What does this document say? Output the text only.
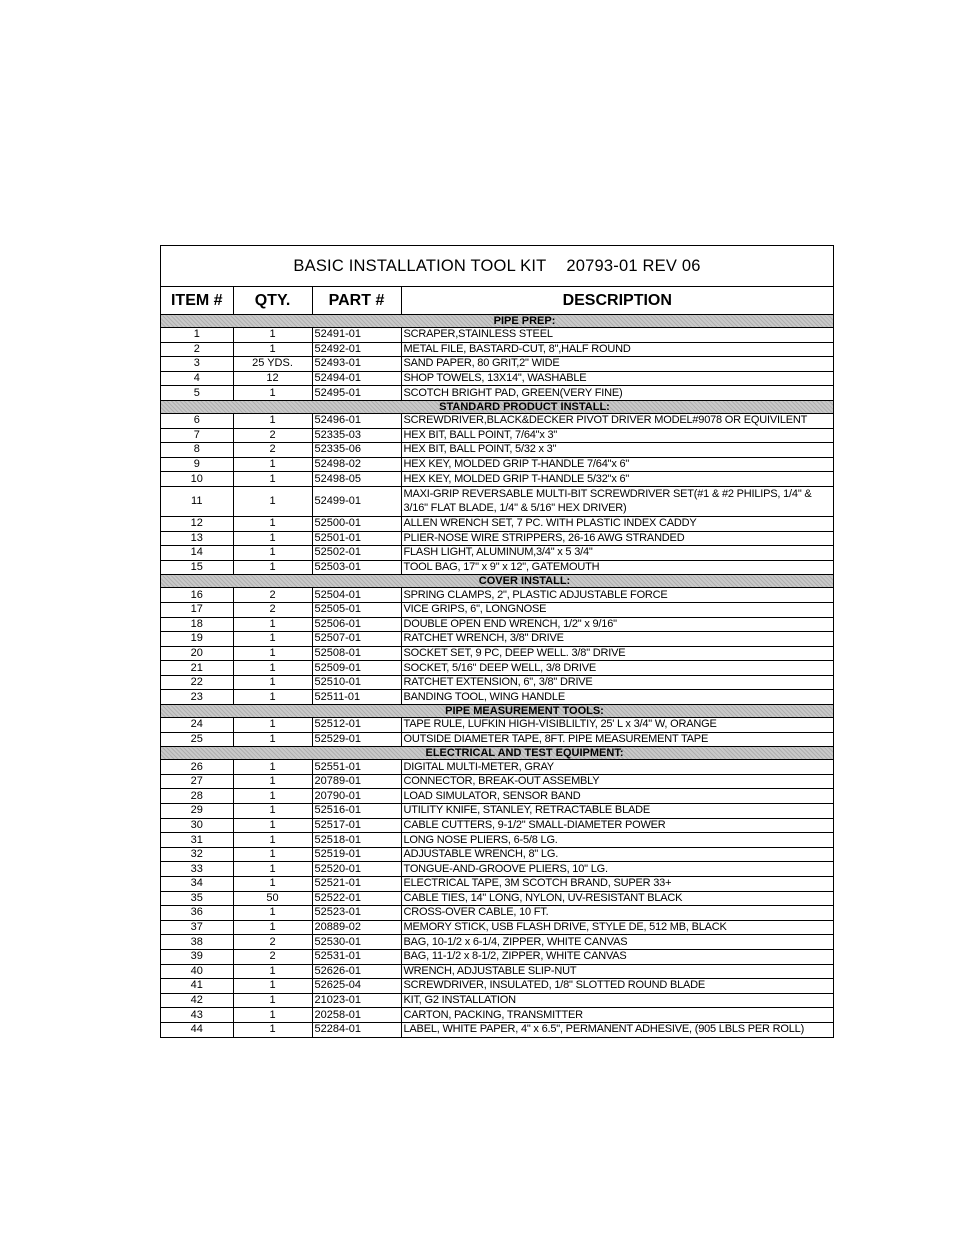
BASIC INSTALLATION TOOL KIT 20793-01 REV 06
ITEM #	QTY.	PART #	DESCRIPTION
PIPE PREP:			
1	1	52491-01	SCRAPER,STAINLESS STEEL
2	1	52492-01	METAL FILE, BASTARD-CUT, 8",HALF ROUND
3	25 YDS.	52493-01	SAND PAPER, 80 GRIT,2" WIDE
4	12	52494-01	SHOP TOWELS, 13X14", WASHABLE
5	1	52495-01	SCOTCH BRIGHT PAD, GREEN(VERY FINE)
STANDARD PRODUCT INSTALL:			
6	1	52496-01	SCREWDRIVER,BLACK&DECKER PIVOT DRIVER MODEL#9078 OR EQUIVILENT
7	2	52335-03	HEX BIT, BALL POINT, 7/64"x 3"
8	2	52335-06	HEX BIT, BALL POINT, 5/32 x 3"
9	1	52498-02	HEX KEY, MOLDED GRIP T-HANDLE 7/64"x 6"
10	1	52498-05	HEX KEY, MOLDED GRIP T-HANDLE 5/32"x 6"
11	1	52499-01	MAXI-GRIP REVERSABLE MULTI-BIT SCREWDRIVER SET(#1 & #2 PHILIPS, 1/4" & 3/16" FLAT BLADE, 1/4" & 5/16" HEX DRIVER)
12	1	52500-01	ALLEN WRENCH SET, 7 PC. WITH PLASTIC INDEX CADDY
13	1	52501-01	PLIER-NOSE WIRE STRIPPERS, 26-16 AWG STRANDED
14	1	52502-01	FLASH LIGHT, ALUMINUM,3/4" x 5 3/4"
15	1	52503-01	TOOL BAG, 17" x 9" x 12", GATEMOUTH
COVER INSTALL:			
16	2	52504-01	SPRING CLAMPS, 2", PLASTIC ADJUSTABLE FORCE
17	2	52505-01	VICE GRIPS, 6", LONGNOSE
18	1	52506-01	DOUBLE OPEN END WRENCH, 1/2" x 9/16"
19	1	52507-01	RATCHET WRENCH, 3/8" DRIVE
20	1	52508-01	SOCKET SET, 9 PC, DEEP WELL. 3/8" DRIVE
21	1	52509-01	SOCKET, 5/16" DEEP WELL, 3/8 DRIVE
22	1	52510-01	RATCHET EXTENSION, 6", 3/8" DRIVE
23	1	52511-01	BANDING TOOL, WING HANDLE
PIPE MEASUREMENT TOOLS:			
24	1	52512-01	TAPE RULE, LUFKIN HIGH-VISIBLILTIY, 25' L x 3/4" W, ORANGE
25	1	52529-01	OUTSIDE DIAMETER TAPE, 8FT. PIPE MEASUREMENT TAPE
ELECTRICAL AND TEST EQUIPMENT:			
26	1	52551-01	DIGITAL MULTI-METER, GRAY
27	1	20789-01	CONNECTOR, BREAK-OUT ASSEMBLY
28	1	20790-01	LOAD SIMULATOR, SENSOR BAND
29	1	52516-01	UTILITY KNIFE, STANLEY, RETRACTABLE BLADE
30	1	52517-01	CABLE CUTTERS, 9-1/2" SMALL-DIAMETER POWER
31	1	52518-01	LONG NOSE PLIERS, 6-5/8 LG.
32	1	52519-01	ADJUSTABLE WRENCH, 8" LG.
33	1	52520-01	TONGUE-AND-GROOVE PLIERS, 10" LG.
34	1	52521-01	ELECTRICAL TAPE, 3M SCOTCH BRAND, SUPER 33+
35	50	52522-01	CABLE TIES, 14" LONG, NYLON, UV-RESISTANT BLACK
36	1	52523-01	CROSS-OVER CABLE, 10 FT.
37	1	20889-02	MEMORY STICK, USB FLASH DRIVE, STYLE DE, 512 MB, BLACK
38	2	52530-01	BAG, 10-1/2 x 6-1/4, ZIPPER, WHITE CANVAS
39	2	52531-01	BAG, 11-1/2 x 8-1/2, ZIPPER, WHITE CANVAS
40	1	52626-01	WRENCH, ADJUSTABLE SLIP-NUT
41	1	52625-04	SCREWDRIVER, INSULATED, 1/8" SLOTTED ROUND BLADE
42	1	21023-01	KIT, G2 INSTALLATION
43	1	20258-01	CARTON, PACKING, TRANSMITTER
44	1	52284-01	LABEL, WHITE PAPER, 4" x 6.5", PERMANENT ADHESIVE, (905 LBLS PER ROLL)
